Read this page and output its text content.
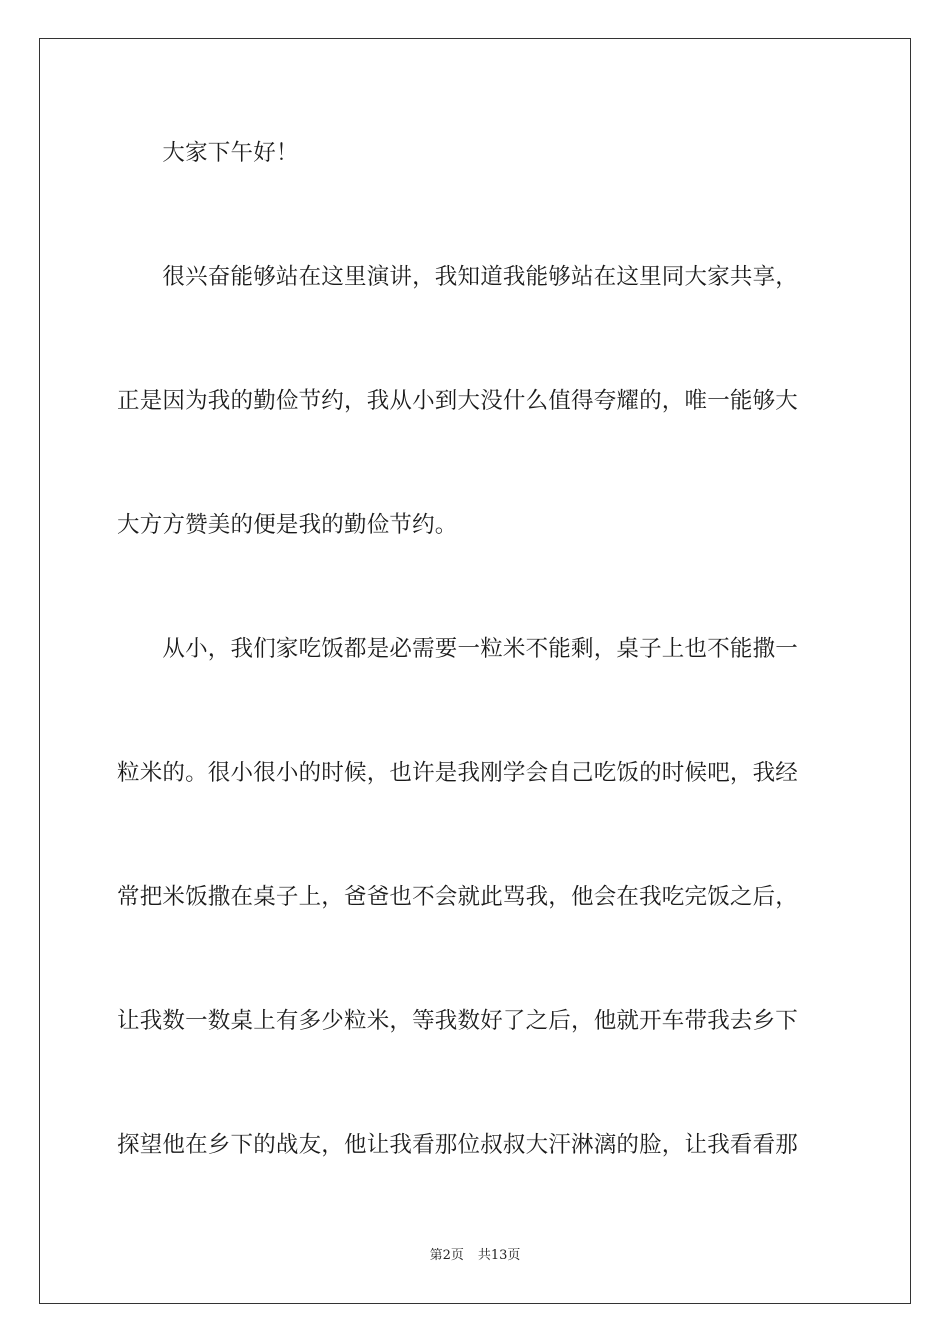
　　大家下午好！
　　很兴奋能够站在这里演讲，我知道我能够站在这里同大家共享，
正是因为我的勤俭节约，我从小到大没什么值得夸耀的，唯一能够大
大方方赞美的便是我的勤俭节约。
　　从小，我们家吃饭都是必需要一粒米不能剩，桌子上也不能撒一
粒米的。很小很小的时候，也许是我刚学会自己吃饭的时候吧，我经
常把米饭撒在桌子上，爸爸也不会就此骂我，他会在我吃完饭之后，
让我数一数桌上有多少粒米，等我数好了之后，他就开车带我去乡下
探望他在乡下的战友，他让我看那位叔叔大汗淋漓的脸，让我看看那
第2页 共13页
